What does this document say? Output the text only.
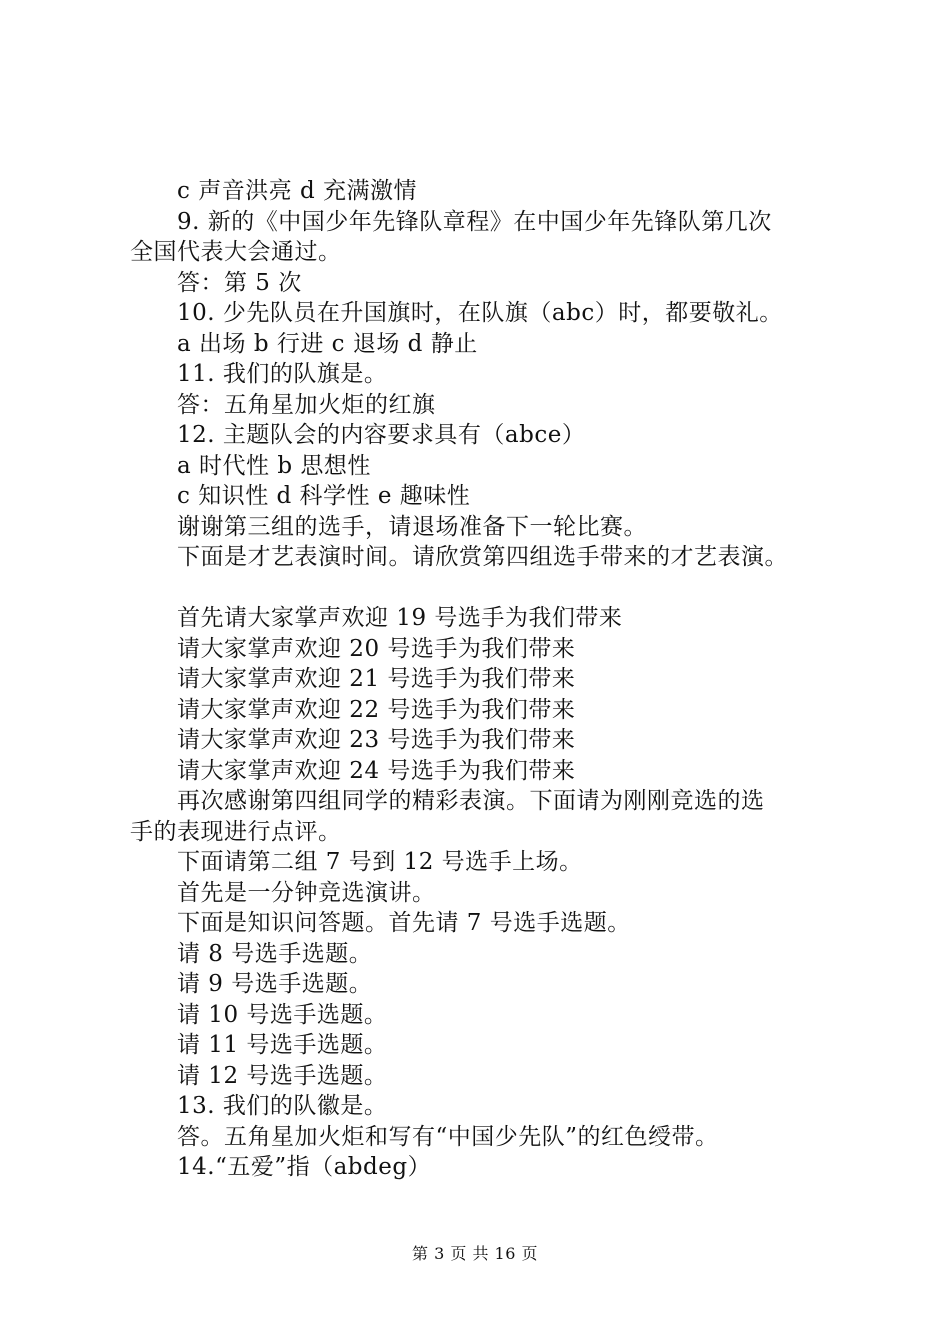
c 声音洪亮 d 充满激情
9. 新的《中国少年先锋队章程》在中国少年先锋队第几次
全国代表大会通过。
答：第 5 次
10. 少先队员在升国旗时，在队旗（abc）时，都要敬礼。
a 出场 b 行进 c 退场 d 静止
11. 我们的队旗是。
答：五角星加火炬的红旗
12. 主题队会的内容要求具有（abce）
a 时代性 b 思想性
c 知识性 d 科学性 e 趣味性
谢谢第三组的选手，请退场准备下一轮比赛。
下面是才艺表演时间。请欣赏第四组选手带来的才艺表演。
首先请大家掌声欢迎 19 号选手为我们带来
请大家掌声欢迎 20 号选手为我们带来
请大家掌声欢迎 21 号选手为我们带来
请大家掌声欢迎 22 号选手为我们带来
请大家掌声欢迎 23 号选手为我们带来
请大家掌声欢迎 24 号选手为我们带来
再次感谢第四组同学的精彩表演。下面请为刚刚竞选的选
手的表现进行点评。
下面请第二组 7 号到 12 号选手上场。
首先是一分钟竞选演讲。
下面是知识问答题。首先请 7 号选手选题。
请 8 号选手选题。
请 9 号选手选题。
请 10 号选手选题。
请 11 号选手选题。
请 12 号选手选题。
13. 我们的队徽是。
答。五角星加火炬和写有“中国少先队”的红色绶带。
14.“五爱”指（abdeg）
第 3 页 共 16 页
